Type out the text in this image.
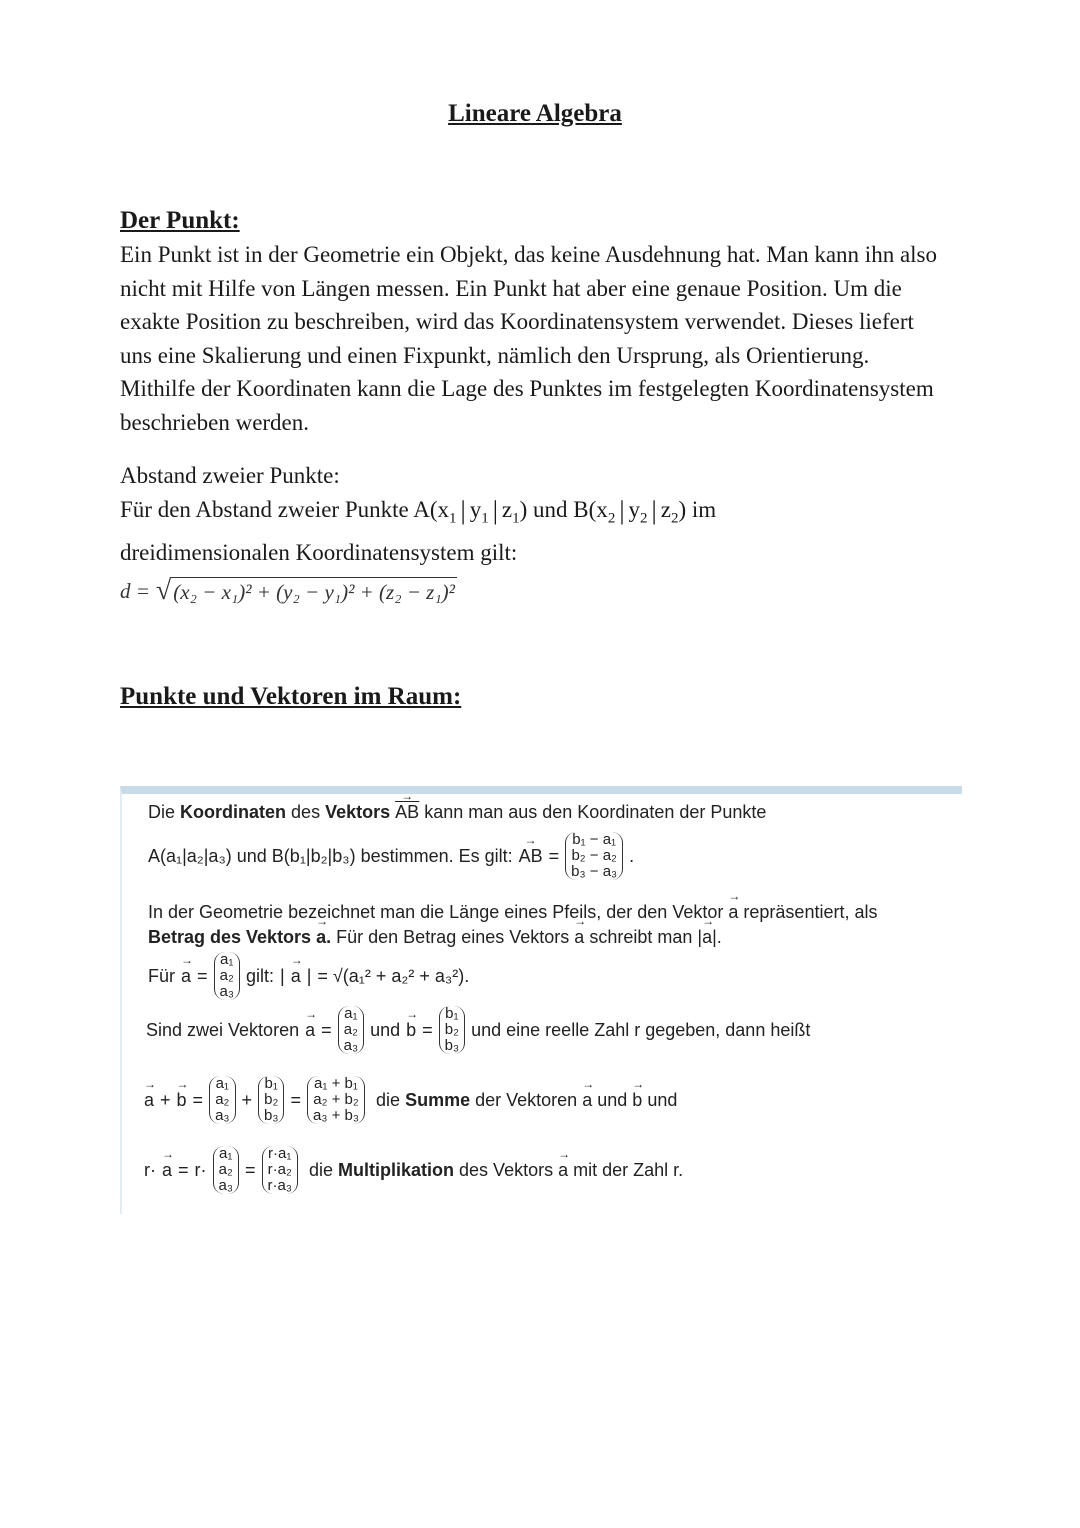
Lineare Algebra
Der Punkt:
Ein Punkt ist in der Geometrie ein Objekt, das keine Ausdehnung hat. Man kann ihn also nicht mit Hilfe von Längen messen. Ein Punkt hat aber eine genaue Position. Um die exakte Position zu beschreiben, wird das Koordinatensystem verwendet. Dieses liefert uns eine Skalierung und einen Fixpunkt, nämlich den Ursprung, als Orientierung. Mithilfe der Koordinaten kann die Lage des Punktes im festgelegten Koordinatensystem beschrieben werden.
Abstand zweier Punkte:
Für den Abstand zweier Punkte $A(x_1$ | $y_1$ | $z_1$) und $B(x_2$ | $y_2$ | $z_2$) im
dreidimensionalen Koordinatensystem gilt:
d = √ (x₂ − x₁)² + (y₂ − y₁)² + (z₂ − z₁)²
Punkte und Vektoren im Raum:
Die Koordinaten des Vektors → $\overline{AB}$ kann man aus den Koordinaten der Punkte
A(a₁|a₂|a₃) und B(b₁|b₂|b₃) bestimmen. Es gilt: → AB =
b₁ − a₁
b₂ − a₂
b₃ − a₃
.
In der Geometrie bezeichnet man die Länge eines Pfeils, der den Vektor → a repräsentiert, als
Betrag des Vektors → a. Für den Betrag eines Vektors → a schreibt man |→ a|.
Für → a =
a₁
a₂
a₃
gilt: | → a | = √(a₁² + a₂² + a₃²).
Sind zwei Vektoren → a =
a₁
a₂
a₃
und → b =
b₁
b₂
b₃
und eine reelle Zahl r gegeben, dann heißt
→ a + → b =
a₁
a₂
a₃
+
b₁
b₂
b₃
=
a₁ + b₁
a₂ + b₂
a₃ + b₃
die Summe der Vektoren → a und → b und
r· → a = r·
a₁
a₂
a₃
=
r·a₁
r·a₂
r·a₃
die Multiplikation des Vektors → a mit der Zahl r.
